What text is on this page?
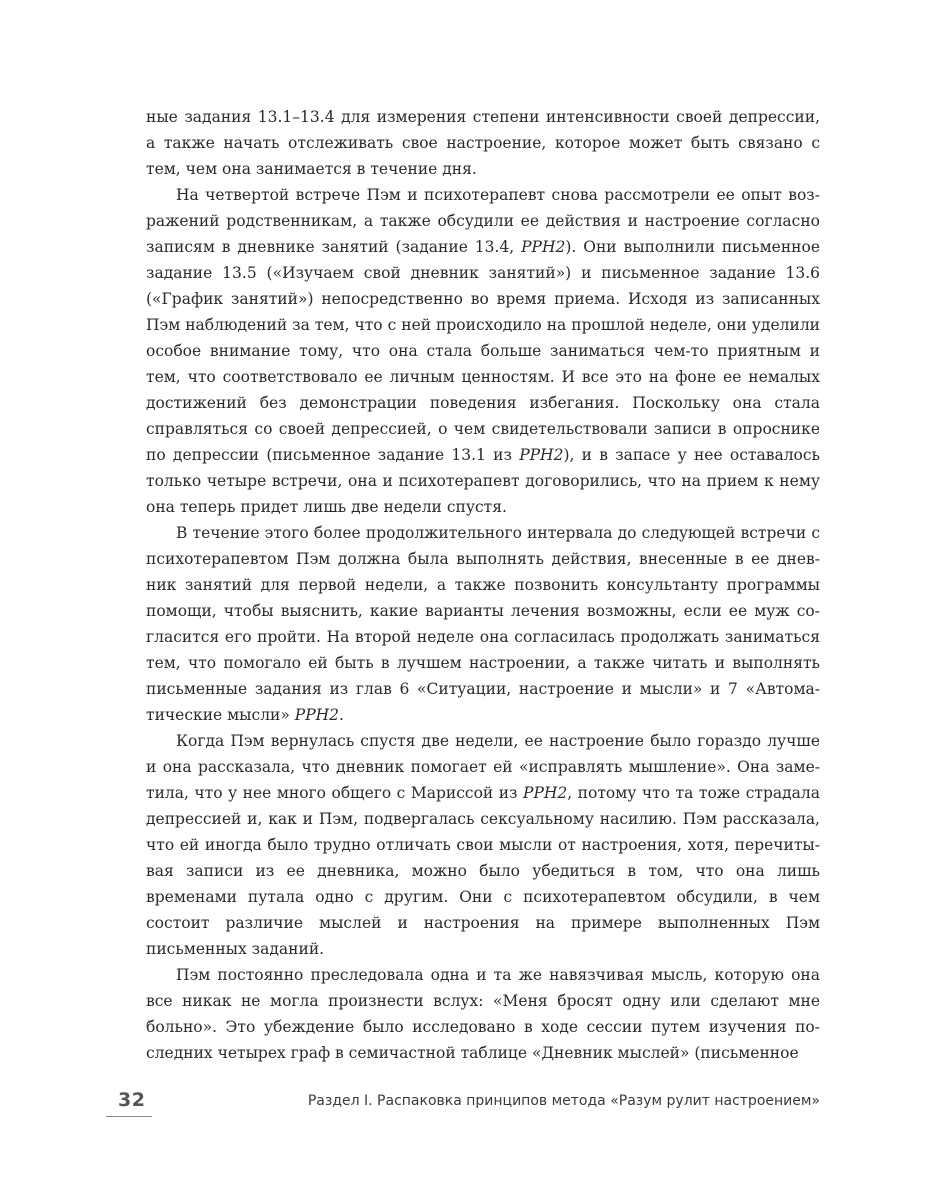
ные задания 13.1–13.4 для измерения степени интенсивности своей депрессии, а также начать отслеживать свое настроение, которое может быть связано с тем, чем она занимается в течение дня.

На четвертой встрече Пэм и психотерапевт снова рассмотрели ее опыт возражений родственникам, а также обсудили ее действия и настроение согласно записям в дневнике занятий (задание 13.4, РРН2). Они выполнили письменное задание 13.5 («Изучаем свой дневник занятий») и письменное задание 13.6 («График занятий») непосредственно во время приема. Исходя из записанных Пэм наблюдений за тем, что с ней происходило на прошлой неделе, они уделили особое внимание тому, что она стала больше заниматься чем-то приятным и тем, что соответствовало ее личным ценностям. И все это на фоне ее немалых достижений без демонстрации поведения избегания. Поскольку она стала справляться со своей депрессией, о чем свидетельствовали записи в опроснике по депрессии (письменное задание 13.1 из РРН2), и в запасе у нее оставалось только четыре встречи, она и психотерапевт договорились, что на прием к нему она теперь придет лишь две недели спустя.

В течение этого более продолжительного интервала до следующей встречи с психотерапевтом Пэм должна была выполнять действия, внесенные в ее дневник занятий для первой недели, а также позвонить консультанту программы помощи, чтобы выяснить, какие варианты лечения возможны, если ее муж согласится его пройти. На второй неделе она согласилась продолжать заниматься тем, что помогало ей быть в лучшем настроении, а также читать и выполнять письменные задания из глав 6 «Ситуации, настроение и мысли» и 7 «Автоматические мысли» РРН2.

Когда Пэм вернулась спустя две недели, ее настроение было гораздо лучше и она рассказала, что дневник помогает ей «исправлять мышление». Она заметила, что у нее много общего с Мариссой из РРН2, потому что та тоже страдала депрессией и, как и Пэм, подвергалась сексуальному насилию. Пэм рассказала, что ей иногда было трудно отличать свои мысли от настроения, хотя, перечитывая записи из ее дневника, можно было убедиться в том, что она лишь временами путала одно с другим. Они с психотерапевтом обсудили, в чем состоит различие мыслей и настроения на примере выполненных Пэм письменных заданий.

Пэм постоянно преследовала одна и та же навязчивая мысль, которую она все никак не могла произнести вслух: «Меня бросят одну или сделают мне больно». Это убеждение было исследовано в ходе сессии путем изучения последних четырех граф в семичастной таблице «Дневник мыслей» (письменное

32	Раздел I. Распаковка принципов метода «Разум рулит настроением»
